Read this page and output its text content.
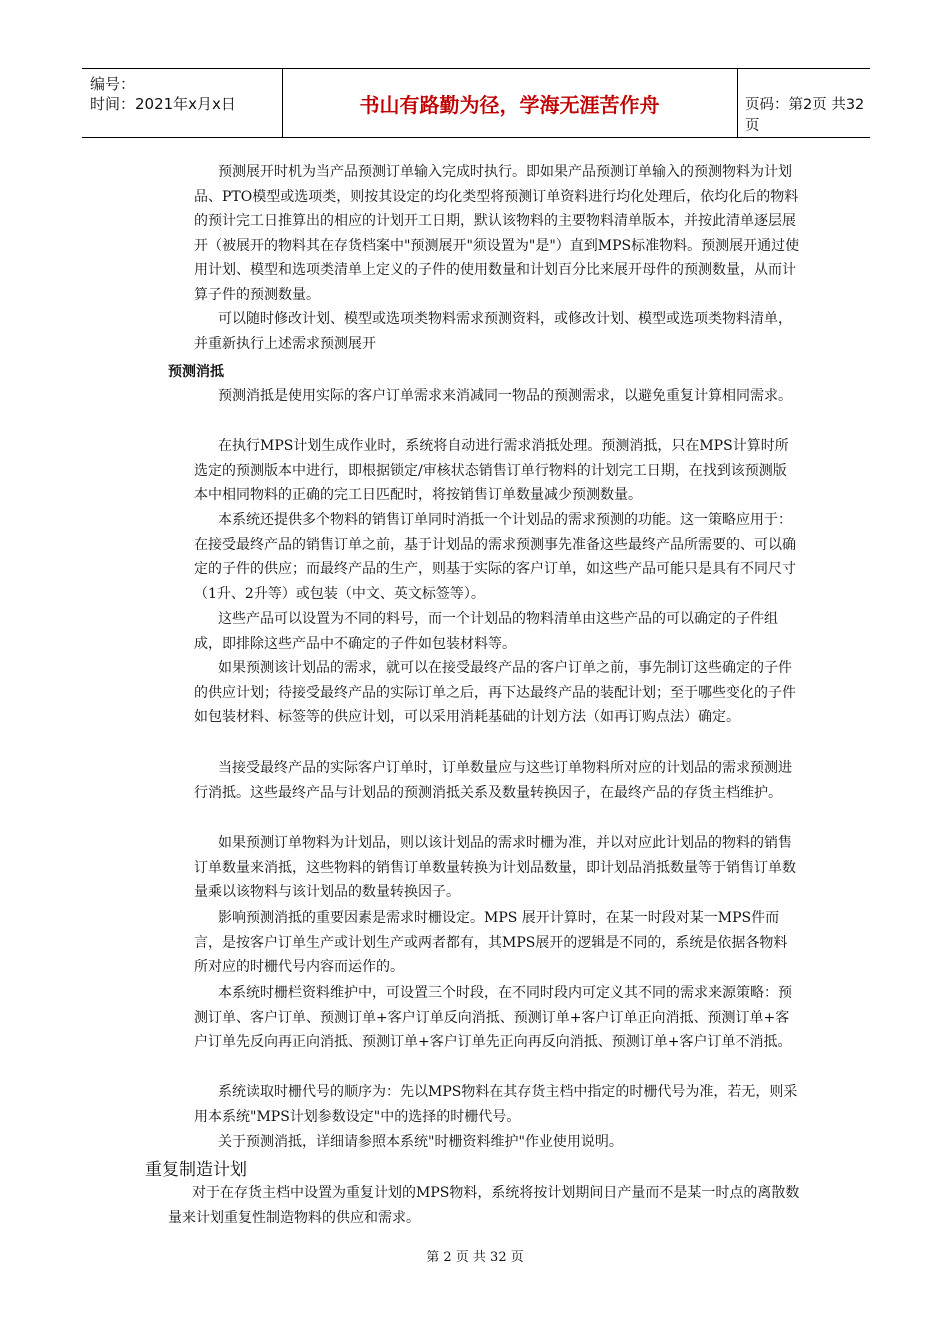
编号：
时间：2021年x月x日	书山有路勤为径，学海无涯苦作舟	页码：第2页 共32页
预测展开时机为当产品预测订单输入完成时执行。即如果产品预测订单输入的预测物料为计划品、PTO模型或选项类，则按其设定的均化类型将预测订单资料进行均化处理后，依均化后的物料的预计完工日推算出的相应的计划开工日期，默认该物料的主要物料清单版本，并按此清单逐层展开（被展开的物料其在存货档案中"预测展开"须设置为"是"）直到MPS标准物料。预测展开通过使用计划、模型和选项类清单上定义的子件的使用数量和计划百分比来展开母件的预测数量，从而计算子件的预测数量。
可以随时修改计划、模型或选项类物料需求预测资料，或修改计划、模型或选项类物料清单，并重新执行上述需求预测展开
预测消抵
预测消抵是使用实际的客户订单需求来消减同一物品的预测需求，以避免重复计算相同需求。
在执行MPS计划生成作业时，系统将自动进行需求消抵处理。预测消抵，只在MPS计算时所选定的预测版本中进行，即根据锁定/审核状态销售订单行物料的计划完工日期，在找到该预测版本中相同物料的正确的完工日匹配时，将按销售订单数量减少预测数量。
本系统还提供多个物料的销售订单同时消抵一个计划品的需求预测的功能。这一策略应用于：在接受最终产品的销售订单之前，基于计划品的需求预测事先准备这些最终产品所需要的、可以确定的子件的供应；而最终产品的生产，则基于实际的客户订单，如这些产品可能只是具有不同尺寸（1升、2升等）或包装（中文、英文标签等）。
这些产品可以设置为不同的料号，而一个计划品的物料清单由这些产品的可以确定的子件组成，即排除这些产品中不确定的子件如包装材料等。
如果预测该计划品的需求，就可以在接受最终产品的客户订单之前，事先制订这些确定的子件的供应计划；待接受最终产品的实际订单之后，再下达最终产品的装配计划；至于哪些变化的子件如包装材料、标签等的供应计划，可以采用消耗基础的计划方法（如再订购点法）确定。
当接受最终产品的实际客户订单时，订单数量应与这些订单物料所对应的计划品的需求预测进行消抵。这些最终产品与计划品的预测消抵关系及数量转换因子，在最终产品的存货主档维护。
如果预测订单物料为计划品，则以该计划品的需求时栅为准，并以对应此计划品的物料的销售订单数量来消抵，这些物料的销售订单数量转换为计划品数量，即计划品消抵数量等于销售订单数量乘以该物料与该计划品的数量转换因子。
影响预测消抵的重要因素是需求时栅设定。MPS 展开计算时，在某一时段对某一MPS件而言，是按客户订单生产或计划生产或两者都有，其MPS展开的逻辑是不同的，系统是依据各物料所对应的时栅代号内容而运作的。
本系统时栅栏资料维护中，可设置三个时段，在不同时段内可定义其不同的需求来源策略：预测订单、客户订单、预测订单+客户订单反向消抵、预测订单+客户订单正向消抵、预测订单+客户订单先反向再正向消抵、预测订单+客户订单先正向再反向消抵、预测订单+客户订单不消抵。
系统读取时栅代号的顺序为：先以MPS物料在其存货主档中指定的时栅代号为准，若无，则采用本系统"MPS计划参数设定"中的选择的时栅代号。
关于预测消抵，详细请参照本系统"时栅资料维护"作业使用说明。
重复制造计划
对于在存货主档中设置为重复计划的MPS物料，系统将按计划期间日产量而不是某一时点的离散数量来计划重复性制造物料的供应和需求。
第 2 页 共 32 页
